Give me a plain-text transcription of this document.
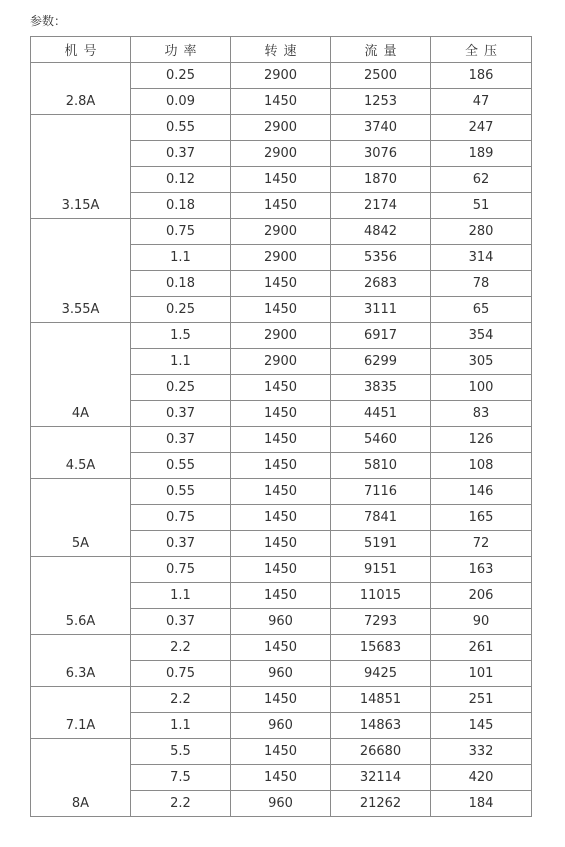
参数：
机号	功率	转速	流量	全压
2.8A	0.25	2900	2500	186
	0.09	1450	1253	47
3.15A	0.55	2900	3740	247
	0.37	2900	3076	189
	0.12	1450	1870	62
	0.18	1450	2174	51
3.55A	0.75	2900	4842	280
	1.1	2900	5356	314
	0.18	1450	2683	78
	0.25	1450	3111	65
4A	1.5	2900	6917	354
	1.1	2900	6299	305
	0.25	1450	3835	100
	0.37	1450	4451	83
4.5A	0.37	1450	5460	126
	0.55	1450	5810	108
5A	0.55	1450	7116	146
	0.75	1450	7841	165
	0.37	1450	5191	72
5.6A	0.75	1450	9151	163
	1.1	1450	11015	206
	0.37	960	7293	90
6.3A	2.2	1450	15683	261
	0.75	960	9425	101
7.1A	2.2	1450	14851	251
	1.1	960	14863	145
8A	5.5	1450	26680	332
	7.5	1450	32114	420
	2.2	960	21262	184
